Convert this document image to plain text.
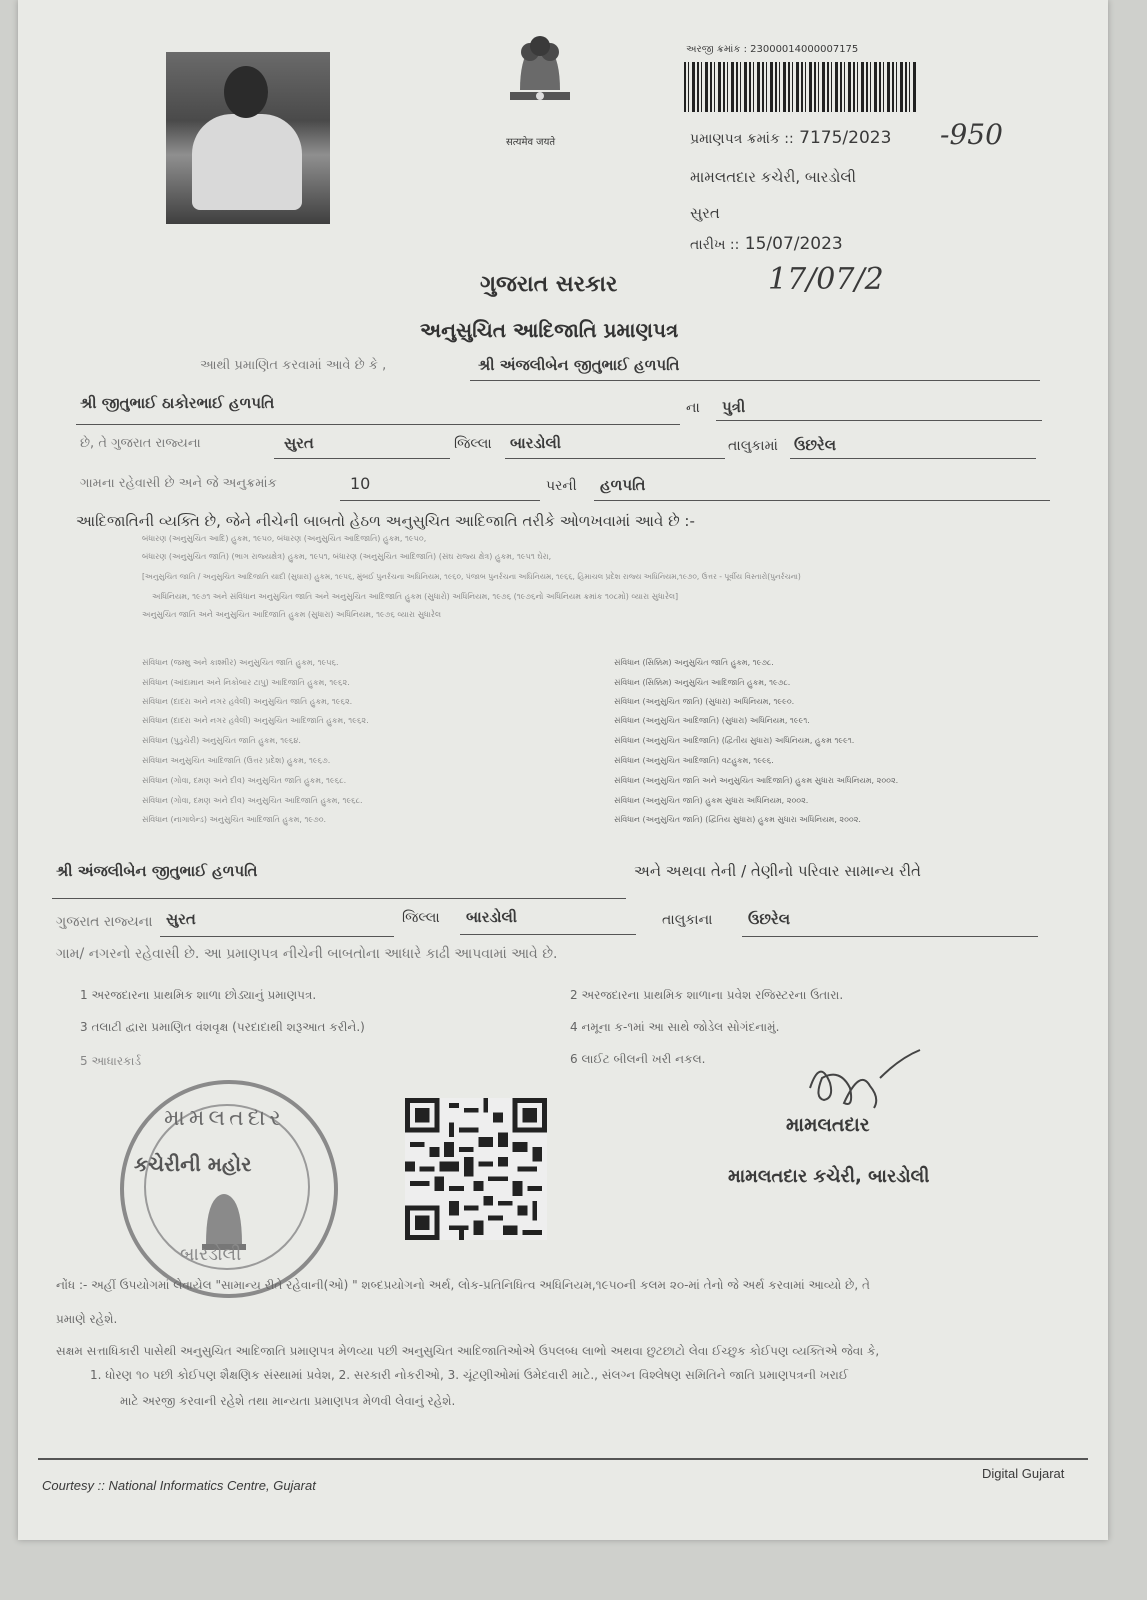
सत्यमेव जयते
અરજી ક્રમાંક : 23000014000007175
પ્રમાણપત્ર ક્રમાંક :: 7175/2023 -950
મામલતદાર કચેરી, બારડોલી
સુરત
તારીખ :: 15/07/2023
17/07/2
ગુજરાત સરકાર
અનુસુચિત આદિજાતિ પ્રમાણપત્ર
આથી પ્રમાણિત કરવામાં આવે છે કે ,	શ્રી અંજલીબેન જીતુભાઈ હળપતિ
શ્રી જીતુભાઈ ઠાકોરભાઈ હળપતિ	ના પુત્રી
છે, તે ગુજરાત રાજ્યના	સુરત	જિલ્લા બારડોલી	તાલુકામાં ઉછરેલ
ગામના રહેવાસી છે અને જે અનુક્રમાંક	10	પરની હળપતિ
આદિજાતિની વ્યક્તિ છે, જેને નીચેની બાબતો હેઠળ અનુસુચિત આદિજાતિ તરીકે ઓળખવામાં આવે છે :-
બંધારણ (અનુસુચિત આદિ) હુકમ, ૧૯૫૦, બંધારણ (અનુસુચિત આદિજાતિ) હુકમ, ૧૯૫૦,
બંધારણ (અનુસુચિત જાતિ) (ભાગ રાજ્યક્ષેત્ર) હુકમ, ૧૯૫૧, બંધારણ (અનુસુચિત આદિજાતિ) (સંઘ રાજ્ય ક્ષેત્ર) હુકમ, ૧૯૫૧ ઘેરા,
[અનુસુચિત જાતિ / અનુસુચિત આદિજાતિ યાદી (સુધારા) હુકમ, ૧૯૫૬, મુંબઈ પુનર્રચના અધિનિયમ, ૧૯૬૦, પંજાબ પુનર્રચના અધિનિયમ, ૧૯૬૬, હિમાચલ પ્રદેશ રાજ્ય અધિનિયમ,૧૯૭૦, ઉત્તર - પૂર્વીય વિસ્તારો(પુનર્રચના)
અધિનિયમ, ૧૯૭૧ અને સંવિધાન અનુસુચિત જાતિ અને અનુસુચિત આદિજાતિ હુકમ (સુધારો) અધિનિયમ, ૧૯૭૬ (૧૯૭૬નો અધિનિયમ ક્રમાંક ૧૦૮મો) વ્યારા સુધારેલ]
અનુસુચિત જાતિ અને અનુસુચિત આદિજાતિ હુકમ (સુધારા) અધિનિયમ, ૧૯૭૬ વ્યારા સુધારેલ
સંવિધાન (જમ્મુ અને કાશ્મીર) અનુસુચિત જાતિ હુકમ, ૧૯૫૬.
સંવિધાન (આંદામાન અને નિકોબાર ટાપુ) આદિજાતિ હુકમ, ૧૯૬૨.
સંવિધાન (દાદરા અને નગર હવેલી) અનુસુચિત જાતિ હુકમ, ૧૯૬૨.
સંવિધાન (દાદરા અને નગર હવેલી) અનુસુચિત આદિજાતિ હુકમ, ૧૯૬૨.
સંવિધાન (પુડુચેરી) અનુસુચિત જાતિ હુકમ, ૧૯૬૪.
સંવિધાન અનુસુચિત આદિજાતિ (ઉત્તર પ્રદેશ) હુકમ, ૧૯૬૭.
સંવિધાન (ગોવા, દમણ અને દીવ) અનુસુચિત જાતિ હુકમ, ૧૯૬૮.
સંવિધાન (ગોવા, દમણ અને દીવ) અનુસુચિત આદિજાતિ હુકમ, ૧૯૬૮.
સંવિધાન (નાગાલેન્ડ) અનુસુચિત આદિજાતિ હુકમ, ૧૯૭૦.
સંવિધાન (સિક્કિમ) અનુસુચિત જાતિ હુકમ, ૧૯૭૮.
સંવિધાન (સિક્કિમ) અનુસુચિત આદિજાતિ હુકમ, ૧૯૭૮.
સંવિધાન (અનુસુચિત જાતિ) (સુધારા) અધિનિયમ, ૧૯૯૦.
સંવિધાન (અનુસુચિત આદિજાતિ) (સુધારા) અધિનિયમ, ૧૯૯૧.
સંવિધાન (અનુસુચિત આદિજાતિ) (દ્વિતીય સુધારા) અધિનિયમ, હુકમ ૧૯૯૧.
સંવિધાન (અનુસુચિત આદિજાતિ) વટહુકમ, ૧૯૯૬.
સંવિધાન (અનુસુચિત જાતિ અને અનુસુચિત આદિજાતિ) હુકમ સુધારા અધિનિયમ, ૨૦૦૨.
સંવિધાન (અનુસુચિત જાતિ) હુકમ સુધારા અધિનિયમ, ૨૦૦૨.
સંવિધાન (અનુસુચિત જાતિ) (દ્વિતિય સુધારા) હુકમ સુધારા અધિનિયમ, ૨૦૦૨.
શ્રી અંજલીબેન જીતુભાઈ હળપતિ	અને અથવા તેની / તેણીનો પરિવાર સામાન્ય રીતે
ગુજરાત રાજ્યના સુરત	જિલ્લા બારડોલી	તાલુકાના ઉછરેલ
ગામ/ નગરનો રહેવાસી છે. આ પ્રમાણપત્ર નીચેની બાબતોના આધારે કાઢી આપવામાં આવે છે.
1 અરજદારના પ્રાથમિક શાળા છોડ્યાનું પ્રમાણપત્ર.	2 અરજદારના પ્રાથમિક શાળાના પ્રવેશ રજિસ્ટરના ઉતારા.
3 તલાટી દ્વારા પ્રમાણિત વંશવૃક્ષ (પરદાદાથી શરૂઆત કરીને.)	4 નમૂના ક-૧માં આ સાથે જોડેલ સોગંદનામું.
5 આધારકાર્ડ	6 લાઈટ બીલની ખરી નકલ.
મામલતદાર
કચેરીની મહોર
બારડોલી
મામલતદાર
મામલતદાર કચેરી, બારડોલી
નોંધ :- અહીં ઉપયોગમાં લેવાયેલ "સામાન્ય રીતે રહેવાની(ઓ) " શબ્દપ્રયોગનો અર્થ, લોક-પ્રતિનિધિત્વ અધિનિયમ,૧૯૫૦ની કલમ ૨૦-માં તેનો જે અર્થ કરવામાં આવ્યો છે, તે
પ્રમાણે રહેશે.
સક્ષમ સત્તાધિકારી પાસેથી અનુસુચિત આદિજાતિ પ્રમાણપત્ર મેળવ્યા પછી અનુસુચિત આદિજાતિઓએ ઉપલબ્ધ લાભો અથવા છુટછાટો લેવા ઈચ્છુક કોઈપણ વ્યક્તિએ જેવા કે,
1. ધોરણ ૧૦ પછી કોઈપણ શૈક્ષણિક સંસ્થામાં પ્રવેશ, 2. સરકારી નોકરીઓ, 3. ચૂંટણીઓમાં ઉમેદવારી માટે., સંલગ્ન વિશ્લેષણ સમિતિને જાતિ પ્રમાણપત્રની ખરાઈ
માટે અરજી કરવાની રહેશે તથા માન્યતા પ્રમાણપત્ર મેળવી લેવાનું રહેશે.
Courtesy :: National Informatics Centre, Gujarat
Digital Gujarat
